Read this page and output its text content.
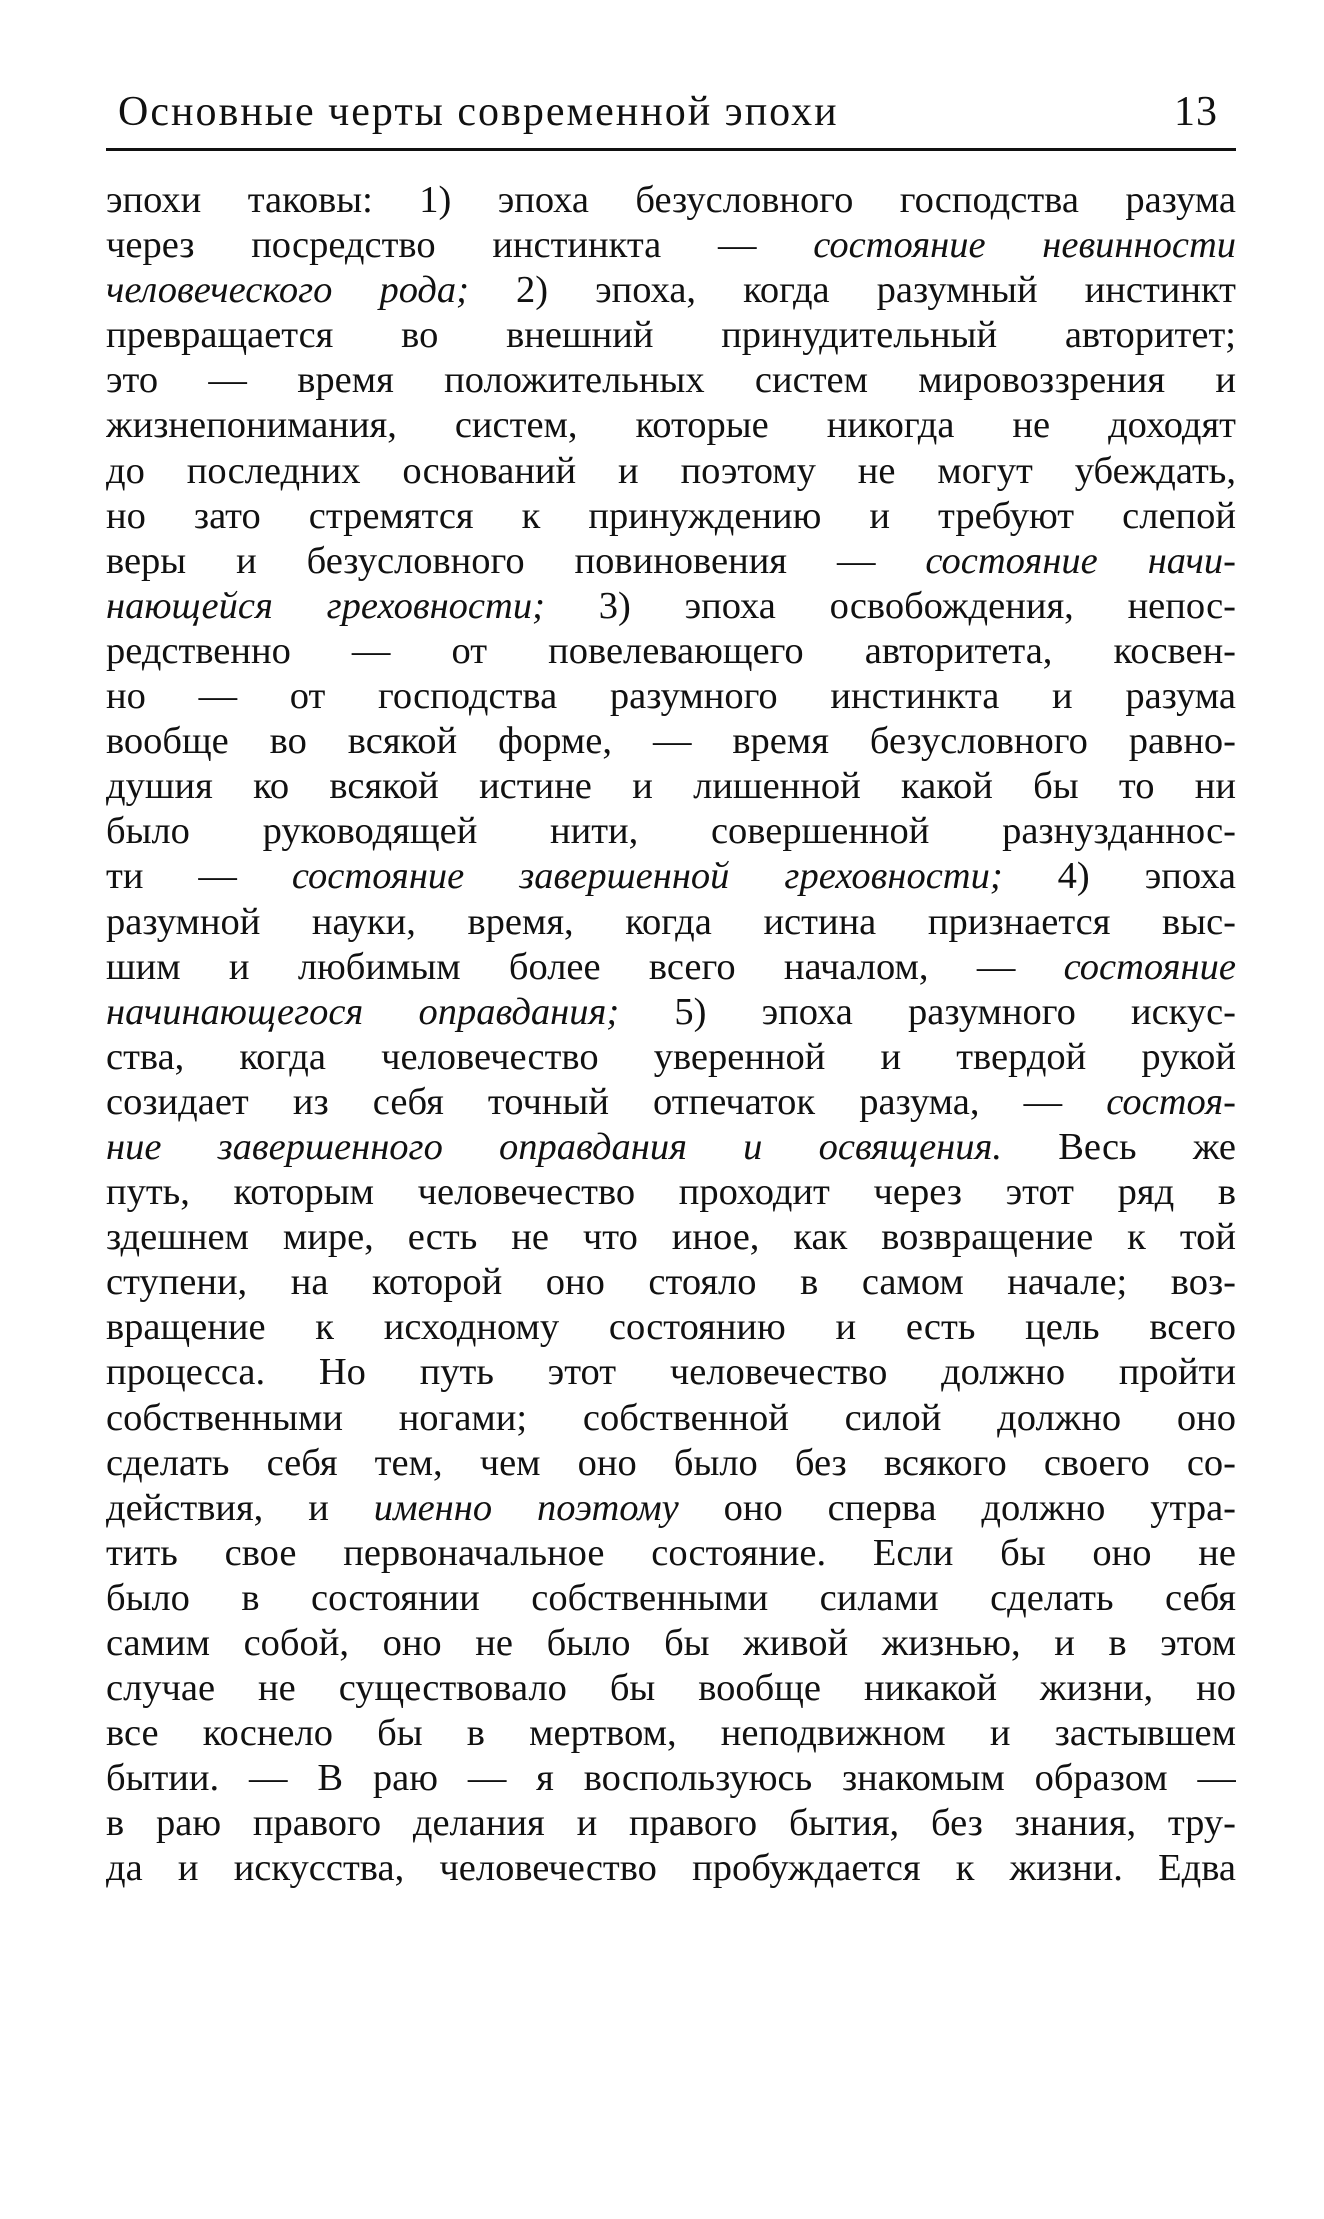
Основные черты современной эпохи	13
эпохи таковы: 1) эпоха безусловного господства разума
через посредство инстинкта — состояние невинности
человеческого рода; 2) эпоха, когда разумный инстинкт
превращается во внешний принудительный авторитет;
это — время положительных систем мировоззрения и
жизнепонимания, систем, которые никогда не доходят
до последних оснований и поэтому не могут убеждать,
но зато стремятся к принуждению и требуют слепой
веры и безусловного повиновения — состояние начи-
нающейся греховности; 3) эпоха освобождения, непос-
редственно — от повелевающего авторитета, косвен-
но — от господства разумного инстинкта и разума
вообще во всякой форме, — время безусловного равно-
душия ко всякой истине и лишенной какой бы то ни
было руководящей нити, совершенной разнузданнос-
ти — состояние завершенной греховности; 4) эпоха
разумной науки, время, когда истина признается выс-
шим и любимым более всего началом, — состояние
начинающегося оправдания; 5) эпоха разумного искус-
ства, когда человечество уверенной и твердой рукой
созидает из себя точный отпечаток разума, — состоя-
ние завершенного оправдания и освящения. Весь же
путь, которым человечество проходит через этот ряд в
здешнем мире, есть не что иное, как возвращение к той
ступени, на которой оно стояло в самом начале; воз-
вращение к исходному состоянию и есть цель всего
процесса. Но путь этот человечество должно пройти
собственными ногами; собственной силой должно оно
сделать себя тем, чем оно было без всякого своего со-
действия, и именно поэтому оно сперва должно утра-
тить свое первоначальное состояние. Если бы оно не
было в состоянии собственными силами сделать себя
самим собой, оно не было бы живой жизнью, и в этом
случае не существовало бы вообще никакой жизни, но
все коснело бы в мертвом, неподвижном и застывшем
бытии. — В раю — я воспользуюсь знакомым образом —
в раю правого делания и правого бытия, без знания, тру-
да и искусства, человечество пробуждается к жизни. Едва
